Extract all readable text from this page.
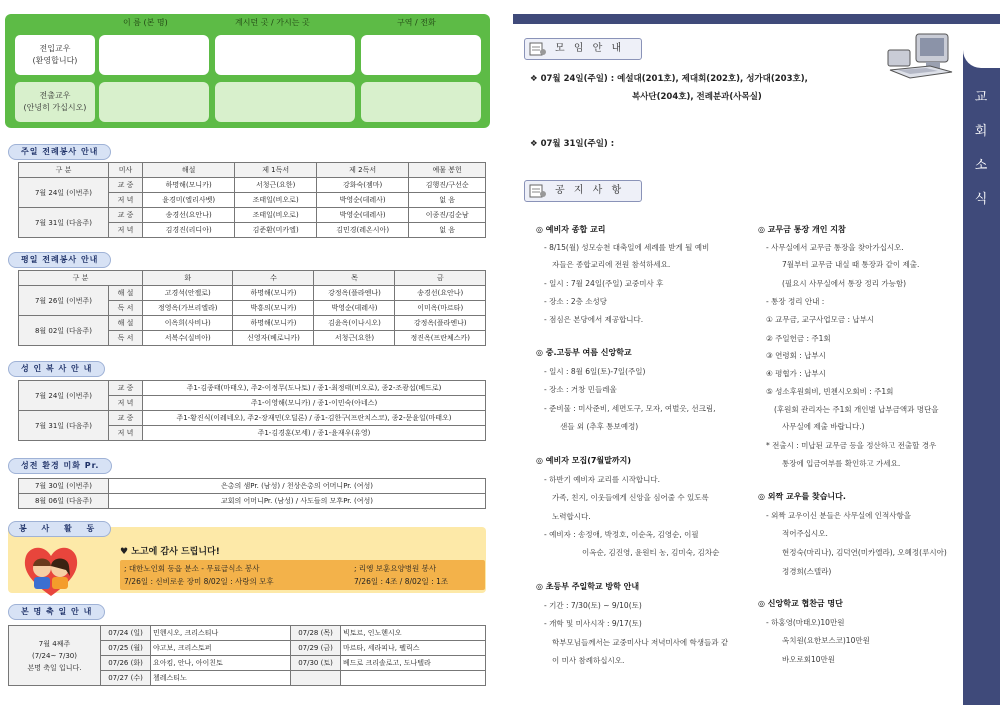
이 름 (본 명)	계시던 곳 / 가시는 곳	구역 / 전화
전입교우
(환영합니다)
전출교우
(안녕히 가십시오)
주일 전례봉사 안내
구 분	미사	해설	제 1독서	제 2독서	예물 봉헌
7월 24일 (이번주)	교 중	하명해(모니카)	서청근(요한)	강화숙(젬마)	김행진/구선순
	저 녁	윤경미(엘리사벳)	조태일(비오로)	박영순(데레사)	없 음
7월 31일 (다음주)	교 중	송경선(요안나)	조태일(비오로)	박영순(데레사)	이종진/김순남
	저 녁	김경진(리디아)	김준환(미카엘)	김민경(레온시아)	없 음
평일 전례봉사 안내
구 분		화	수	목	금
7월 26일 (이번주)	해 설	고경석(안젤로)	하명해(모니카)	강정옥(플라엔나)	송경선(요안나)
	독 서	정영옥(가브리엘라)	박흥의(모니카)	박영순(데레사)	이미옥(마르타)
8월 02일 (다음주)	해 설	이옥희(사비나)	하명해(모니카)	김윤옥(이나시오)	강정옥(플라엔나)
	독 서	서복수(실비아)	신영자(베로니카)	서청근(요한)	정진옥(프란체스카)
성 인 복 사 안 내
7월 24일 (이번주)	교 중	주1-김종태(마태오), 주2-이정무(도나토) / 종1-최정태(비오로), 종2-조광섭(베드로)
	저 녁	주1-이영해(모니카) / 종1-이민숙(아네스)
7월 31일 (다음주)	교 중	주1-황진식(이레네오), 주2-장재민(오딜론) / 종1-김한구(프란치스코), 종2-문윤일(마태오)
	저 녁	주1-김경훈(모세) / 종1-윤재우(유영)
성전 환경 미화 Pr.
7월 30일 (이번주)	은총의 샘Pr. (남성) / 천상은총의 어머니Pr. (여성)
8월 06일 (다음주)	교회의 어머니Pr. (남성) / 사도들의 모후Pr. (여성)
봉 사 활 동
♥ 노고에 감사 드립니다!
; 대한노인회 동읍 분소 - 무료급식소 봉사
7/26일 : 신비로운 장미 8/02일 : 사랑의 모후
; 리엥 보훈요양병원 봉사
7/26일 : 4조 / 8/02일 : 1조
본 명 축 일 안 내
7월 4째주
(7/24~ 7/30)
본명 축일 입니다.	07/24 (일)	민헨시오, 크리스티나	07/28 (목)	빅토르, 인노헨시오
	07/25 (월)	야고보, 크리스토퍼	07/29 (금)	마르타, 세라피나, 펠릭스
	07/26 (화)	요아킴, 안나, 아이친토	07/30 (토)	베드로 크리솔로고, 도나텔라
	07/27 (수)	첼레스티노		
교
회
소
식
모 임 안 내
❖ 07월 24일(주일) : 예설대(201호), 제대회(202호), 성가대(203호),
복사단(204호), 전례분과(사목실)
❖ 07월 31일(주일) :
공 지 사 항
◎ 예비자 종합 교리
- 8/15(월) 성모승천 대축일에 세례를 받게 될 예비
자들은 종합교리에 전원 참석하세요.
- 일시 : 7월 24일(주일) 교중미사 후
- 장소 : 2층 소성당
- 점심은 본당에서 제공합니다.
◎ 중.고등부 여름 신앙학교
- 일시 : 8월 6일(토)-7일(주일)
- 장소 : 거창 민들레울
- 준비물 : 미사준비, 세면도구, 모자, 여벌옷, 선크림,
샌들 외 (추후 통보예정)
◎ 예비자 모집(7월말까지)
- 하반기 예비자 교리를 시작합니다.
가족, 친지, 이웃들에게 신앙을 심어줄 수 있도록
노력합시다.
- 예비자 : 송정애, 박정호, 이순옥, 김영순, 이필
이옥순, 김진영, 윤원티 농, 김미숙, 김차순
◎ 초등부 주일학교 방학 안내
- 기간 : 7/30(토) ~ 9/10(토)
- 개학 및 미사시작 : 9/17(토)
학부모님들께서는 교중미사나 저녁미사에 학생들과 같
이 미사 참례하십시오.
◎ 교무금 통장 개인 지참
- 사무실에서 교무금 통장을 찾아가십시오.
7월부터 교무금 내실 때 통장과 같이 제출.
(필요시 사무실에서 통장 정리 가능함)
- 통장 정리 안내 :
① 교무금, 교구사업모금 : 납부시
② 주일헌금 : 주1회
③ 연령회 : 납부시
④ 평협가 : 납부시
⑤ 성소후원회비, 빈첸시오회비 : 주1회
(후원회 관리자는 주1회 개인별 납부금액과 명단을
사무실에 제출 바랍니다.)
* 전출시 : 미납된 교무금 등을 정산하고 전출할 경우
통장에 입금여부를 확인하고 가세요.
◎ 외짝 교우를 찾습니다.
- 외짝 교우이신 분들은 사무실에 인적사항을
적어주십시오.
현정숙(마리나), 김덕연(미카엘라), 오혜정(루시아)
정경희(스텔라)
◎ 신앙학교 협찬금 명단
- 하홍영(마태오)10만원
옥치원(요한보스코)10만원
바오로회10만원
